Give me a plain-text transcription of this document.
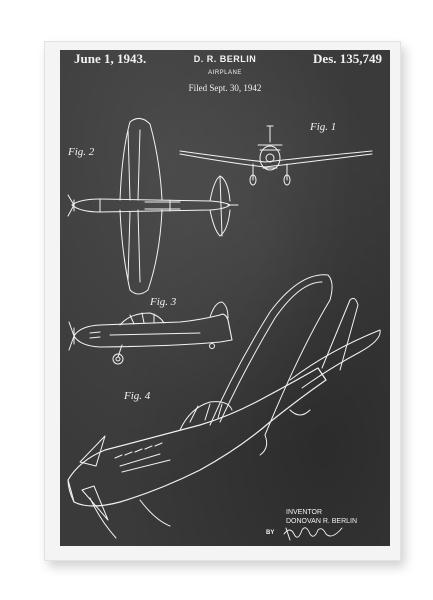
June 1, 1943.	Des. 135,749
D. R. BERLIN
AIRPLANE
Filed Sept. 30, 1942
Fig. 1
Fig. 2
Fig. 3
Fig. 4
INVENTOR
DONOVAN R. BERLIN
BY
